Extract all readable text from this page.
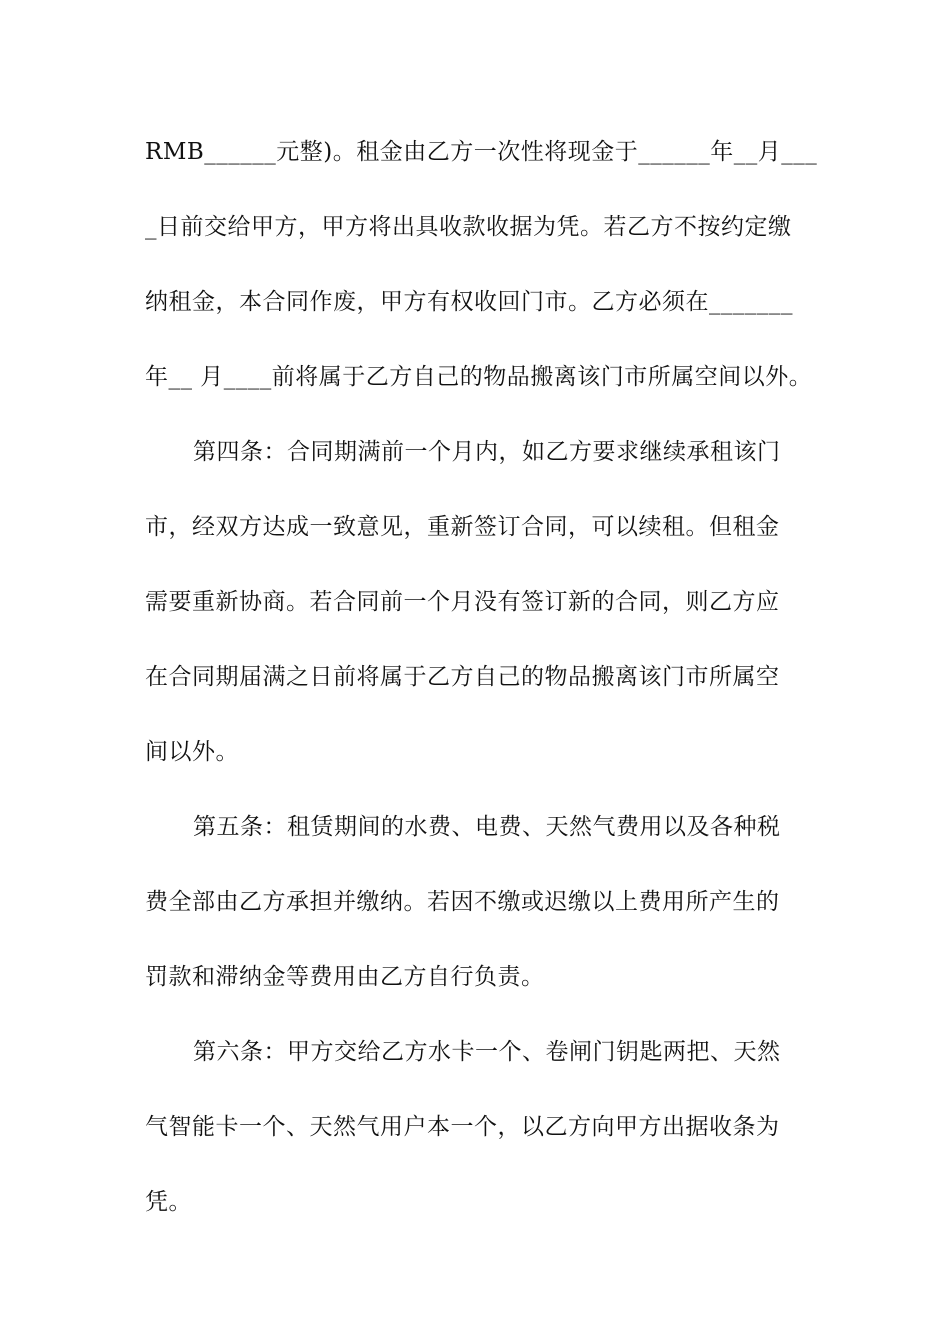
RMB______元整)。租金由乙方一次性将现金于______年__月___
_日前交给甲方，甲方将出具收款收据为凭。若乙方不按约定缴
纳租金，本合同作废，甲方有权收回门市。乙方必须在_______
年__ 月____前将属于乙方自己的物品搬离该门市所属空间以外。
第四条：合同期满前一个月内，如乙方要求继续承租该门
市，经双方达成一致意见，重新签订合同，可以续租。但租金
需要重新协商。若合同前一个月没有签订新的合同，则乙方应
在合同期届满之日前将属于乙方自己的物品搬离该门市所属空
间以外。
第五条：租赁期间的水费、电费、天然气费用以及各种税
费全部由乙方承担并缴纳。若因不缴或迟缴以上费用所产生的
罚款和滞纳金等费用由乙方自行负责。
第六条：甲方交给乙方水卡一个、卷闸门钥匙两把、天然
气智能卡一个、天然气用户本一个，以乙方向甲方出据收条为
凭。
